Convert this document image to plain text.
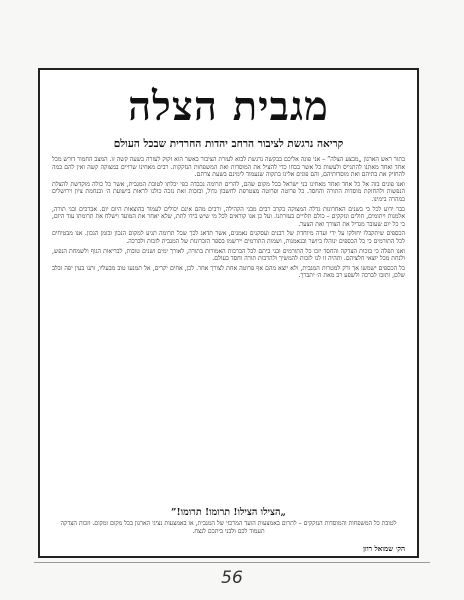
מגבית הצלה
קריאה נרגשת לציבור הרחב יהדות החרדית שבכל העולם

בתור ראש הארגון „מבצע הצלה” – אני פונה אליכם בבקשה נרגשת לבוא לעזרת הציבור באשר הוא זקוק לעזרה בשעה קשה זו. המצב החמור דורש מכל אחד ואחד מאתנו להתגייס ולעשות כל אשר בכחו כדי להציל את המוסדות ואת המשפחות הנזקקות. רבים מאחינו שרויים במצוקה קשה ואין להם במה להחזיק את בתיהם ואת מוסדותיהם, והם פונים אלינו בתקוה שנעמוד לימינם בשעת צרתם.

ואנו פונים בזה אל כל אחד ואחד מאחינו בני ישראל בכל מקום שהם, להרים תרומה נכבדה כפי יכלתו לטובת המגבית, אשר כל כולה מוקדשת להצלת הנפשות ולהחזקת מוסדות התורה והחסד. כל פרוטה ופרוטה מצטרפת לחשבון גדול, ובזכות זאת נזכה כולנו לראות בישועת ה׳ ובנחמת ציון וירושלים במהרה בימינו.

כבר ידוע לכל כי בשנים האחרונות גדלה המצוקה בקרב רבים מבני הקהילה, ורבים מהם אינם יכולים לעמוד בהוצאות היום יום. אברכים ובני תורה, אלמנות ויתומים, חולים ונזקקים – כולם תלויים בעזרתנו. ועל כן אנו קוראים לכל מי שיש בידו לתת, שלא יאחר את המועד וישלח את תרומתו עוד היום, כי כל יום שעובר מגדיל את הצורך ואת הצער.

הכספים שיתקבלו יחולקו על ידי ועדה מיוחדת של רבנים ועסקנים נאמנים, אשר תדאג לכך שכל תרומה תגיע למקום הנכון ובזמן הנכון. אנו מבטיחים לכל התורמים כי כל הכספים ינוהלו ביושר ובנאמנות, ושמות התורמים יירשמו בספר הזכרונות של המגבית לזכות ולברכה.

ואנו תפלה כי בזכות הצדקה והחסד יזכו כל התורמים ובני ביתם לכל הברכות האמורות בתורה, לאורך ימים ושנים טובות, לבריאות הגוף ולשמחת הנפש, ולנחת מכל יוצאי חלציהם. ותהיה זו לנו לזכות להמשיך ולהרבות תורה וחסד בעולם.

כל הכספים ישמשו אך ורק למטרות המגבית, ולא יוצא מהם אף פרוטה אחת לצורך אחר. לכן, אחים יקרים, אל תמנעו טוב מבעליו, ותנו בעין יפה ובלב שלם, ותזכו לברכה ולשפע רב מאת ה׳ יתברך.

„הצילו הצילו! תרומו! תרומו!”
לטובת כל המשפחות והמוסדות הנזקקים – לתרום באמצעות הועד המרכזי של המגבית, או באמצעות נציגי הארגון בכל מקום ומקום. וזכות הצדקה תעמוד לכם ולבני ביתכם לנצח.
הק׳ שמואל רוזן
56
